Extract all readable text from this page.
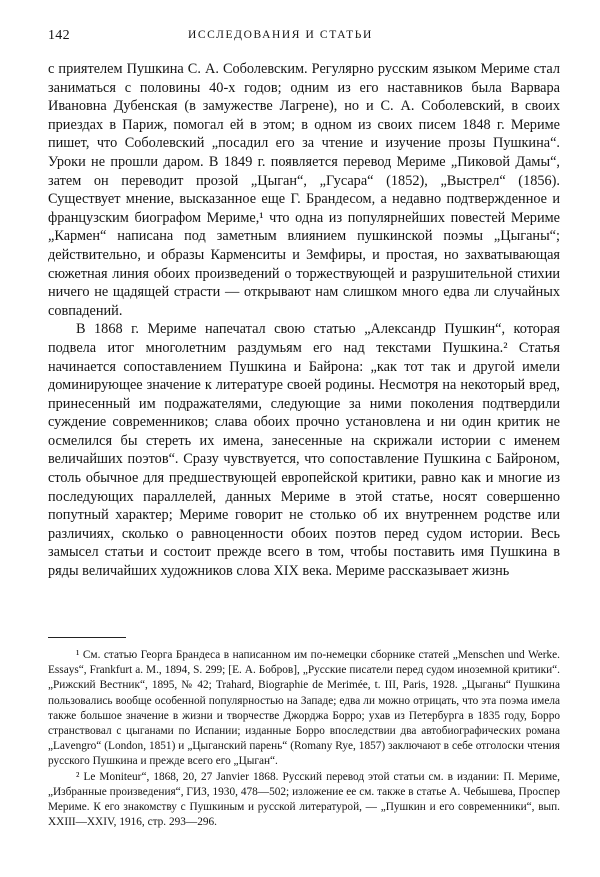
142	ИССЛЕДОВАНИЯ И СТАТЬИ

с приятелем Пушкина С. А. Соболевским. Регулярно русским языком Мериме стал заниматься с половины 40-х годов; одним из его наставников была Варвара Ивановна Дубенская (в замужестве Лагрене), но и С. А. Соболевский, в своих приездах в Париж, помогал ей в этом; в одном из своих писем 1848 г. Мериме пишет, что Соболевский „посадил его за чтение и изучение прозы Пушкина“. Уроки не прошли даром. В 1849 г. появляется перевод Мериме „Пиковой Дамы“, затем он переводит прозой „Цыган“, „Гусара“ (1852), „Выстрел“ (1856). Существует мнение, высказанное еще Г. Брандесом, а недавно подтвержденное и французским биографом Мериме,¹ что одна из популярнейших повестей Мериме „Кармен“ написана под заметным влиянием пушкинской поэмы „Цыганы“; действительно, и образы Карменситы и Земфиры, и простая, но захватывающая сюжетная линия обоих произведений о торжествующей и разрушительной стихии ничего не щадящей страсти — открывают нам слишком много едва ли случайных совпадений.

В 1868 г. Мериме напечатал свою статью „Александр Пушкин“, которая подвела итог многолетним раздумьям его над текстами Пушкина.² Статья начинается сопоставлением Пушкина и Байрона: „как тот так и другой имели доминирующее значение к литературе своей родины. Несмотря на некоторый вред, принесенный им подражателями, следующие за ними поколения подтвердили суждение современников; слава обоих прочно установлена и ни один критик не осмелился бы стереть их имена, занесенные на скрижали истории с именем величайших поэтов“. Сразу чувствуется, что сопоставление Пушкина с Байроном, столь обычное для предшествующей европейской критики, равно как и многие из последующих параллелей, данных Мериме в этой статье, носят совершенно попутный характер; Мериме говорит не столько об их внутреннем родстве или различиях, сколько о равноценности обоих поэтов перед судом истории. Весь замысел статьи и состоит прежде всего в том, чтобы поставить имя Пушкина в ряды величайших художников слова XIX века. Мериме рассказывает жизнь

¹ См. статью Георга Брандеса в написанном им по-немецки сборнике статей „Menschen und Werke. Essays“, Frankfurt a. M., 1894, S. 299; [Е. А. Бобров], „Русские писатели перед судом иноземной критики“. „Рижский Вестник“, 1895, № 42; Trahard, Biographie de Merimée, t. III, Paris, 1928. „Цыганы“ Пушкина пользовались вообще особенной популярностью на Западе; едва ли можно отрицать, что эта поэма имела также большое значение в жизни и творчестве Джорджа Борро; ухав из Петербурга в 1835 году, Борро странствовал с цыганами по Испании; изданные Борро впоследствии два автобиографических романа „Lavengro“ (London, 1851) и „Цыганский парень“ (Romany Rye, 1857) заключают в себе отголоски чтения русского Пушкина и прежде всего его „Цыган“.

² Le Moniteur“, 1868, 20, 27 Janvier 1868. Русский перевод этой статьи см. в издании: П. Мериме, „Избранные произведения“, ГИЗ, 1930, 478—502; изложение ее см. также в статье А. Чебышева, Проспер Мериме. К его знакомству с Пушкиным и русской литературой, — „Пушкин и его современники“, вып. XXIII—XXIV, 1916, стр. 293—296.
